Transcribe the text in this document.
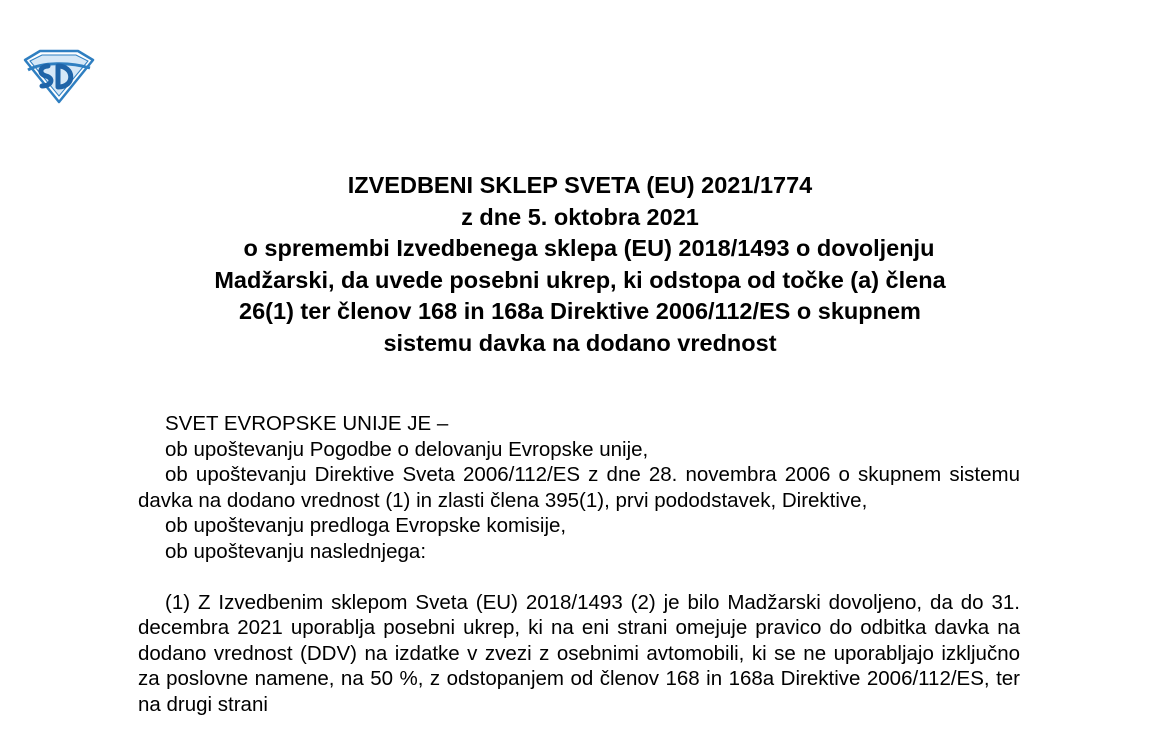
IZVEDBENI SKLEP SVETA (EU) 2021/1774
z dne 5. oktobra 2021
o spremembi Izvedbenega sklepa (EU) 2018/1493 o dovoljenju
Madžarski, da uvede posebni ukrep, ki odstopa od točke (a) člena
26(1) ter členov 168 in 168a Direktive 2006/112/ES o skupnem
sistemu davka na dodano vrednost

SVET EVROPSKE UNIJE JE –

ob upoštevanju Pogodbe o delovanju Evropske unije,

ob upoštevanju Direktive Sveta 2006/112/ES z dne 28. novembra 2006 o skupnem sistemu davka na dodano vrednost (1) in zlasti člena 395(1), prvi pododstavek, Direktive,

ob upoštevanju predloga Evropske komisije,

ob upoštevanju naslednjega:

(1) Z Izvedbenim sklepom Sveta (EU) 2018/1493 (2) je bilo Madžarski dovoljeno, da do 31. decembra 2021 uporablja posebni ukrep, ki na eni strani omejuje pravico do odbitka davka na dodano vrednost (DDV) na izdatke v zvezi z osebnimi avtomobili, ki se ne uporabljajo izključno za poslovne namene, na 50 %, z odstopanjem od členov 168 in 168a Direktive 2006/112/ES, ter na drugi strani
